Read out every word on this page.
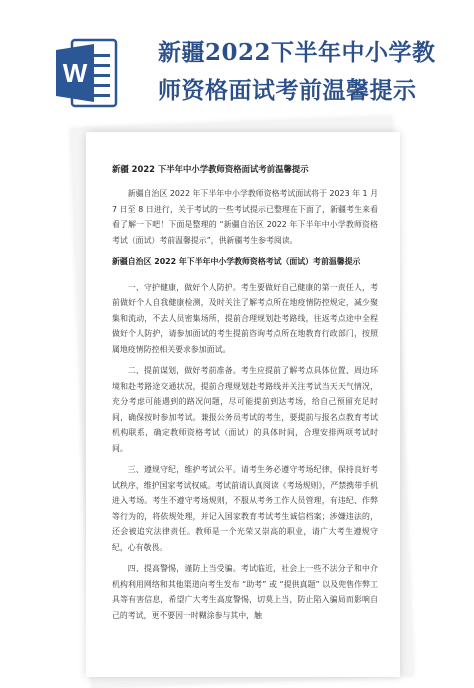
W
新疆2022下半年中小学教
师资格面试考前温馨提示
新疆 2022 下半年中小学教师资格面试考前温馨提示

新疆自治区 2022 年下半年中小学教师资格考试面试将于 2023 年 1 月 7 日至 8 日进行，关于考试的一些考试提示已整理在下面了，新疆考生来看看了解一下吧！下面是整理的 “新疆自治区 2022 年下半年中小学教师资格考试（面试）考前温馨提示”，供新疆考生参考阅读。

新疆自治区 2022 年下半年中小学教师资格考试（面试）考前温馨提示

一、守护健康，做好个人防护。考生要做好自己健康的第一责任人，考前做好个人自我健康检测，及时关注了解考点所在地疫情防控规定，减少聚集和流动，不去人员密集场所，提前合理规划赴考路线，往返考点途中全程做好个人防护，请参加面试的考生提前咨询考点所在地教育行政部门，按照属地疫情防控相关要求参加面试。

二、提前谋划，做好考前准备。考生应提前了解考点具体位置、周边环境和赴考路途交通状况，提前合理规划赴考路线并关注考试当天天气情况，充分考虑可能遇到的路况问题，尽可能提前到达考场，给自己预留充足时间，确保按时参加考试。兼报公务员考试的考生，要提前与报名点教育考试机构联系，确定教师资格考试（面试）的具体时间，合理安排两项考试时间。

三、遵规守纪，维护考试公平。请考生务必遵守考场纪律，保持良好考试秩序，维护国家考试权威。考试前请认真阅读《考场规则》，严禁携带手机进入考场。考生不遵守考场规则，不服从考务工作人员管理，有违纪、作弊等行为的，将依规处理，并记入国家教育考试考生诚信档案；涉嫌违法的，还会被追究法律责任。教师是一个光荣又崇高的职业，请广大考生遵规守纪，心有敬畏。

四、提高警惕，谨防上当受骗。考试临近，社会上一些不法分子和中介机构利用网络和其他渠道向考生发布 “助考” 或 “提供真题” 以及兜售作弊工具等有害信息，希望广大考生高度警惕，切莫上当，防止陷入骗局而影响自己的考试，更不要因一时糊涂参与其中，触
